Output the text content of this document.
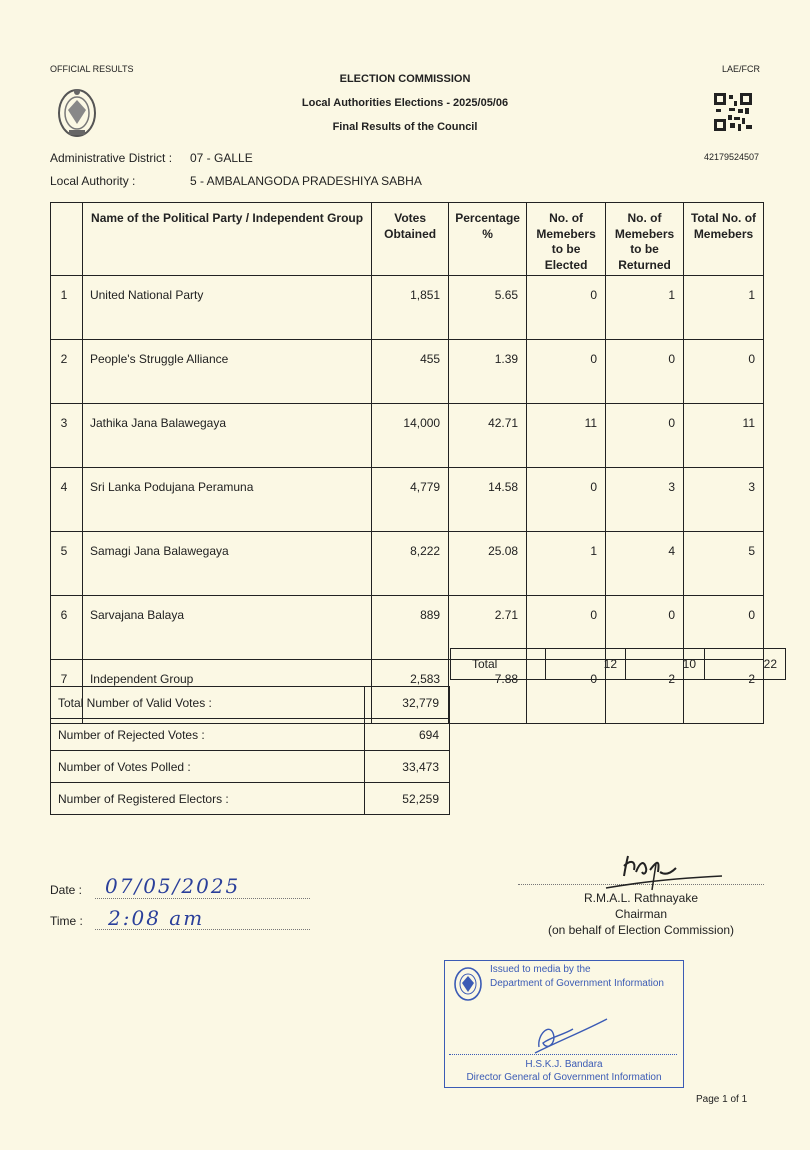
OFFICIAL RESULTS	LAE/FCR
ELECTION COMMISSION
Local Authorities Elections - 2025/05/06
Final Results of the Council
42179524507
Administrative District : 07 - GALLE
Local Authority :	5 - AMBALANGODA PRADESHIYA SABHA
	Name of the Political Party / Independent Group	Votes Obtained	Percentage %	No. of Memebers to be Elected	No. of Memebers to be Returned	Total No. of Memebers
1	United National Party	1,851	5.65	0	1	1
2	People's Struggle Alliance	455	1.39	0	0	0
3	Jathika Jana Balawegaya	14,000	42.71	11	0	11
4	Sri Lanka Podujana Peramuna	4,779	14.58	0	3	3
5	Samagi Jana Balawegaya	8,222	25.08	1	4	5
6	Sarvajana Balaya	889	2.71	0	0	0
7	Independent Group	2,583	7.88	0	2	2
Total	12	10	22
Total Number of Valid Votes :	32,779
Number of Rejected Votes :	694
Number of Votes Polled :	33,473
Number of Registered Electors :	52,259
Date : 07/05/2025
Time : 2:08 am
R.M.A.L. Rathnayake
Chairman
(on behalf of Election Commission)
Issued to media by the
Department of Government Information
H.S.K.J. Bandara
Director General of Government Information
Page 1 of 1
